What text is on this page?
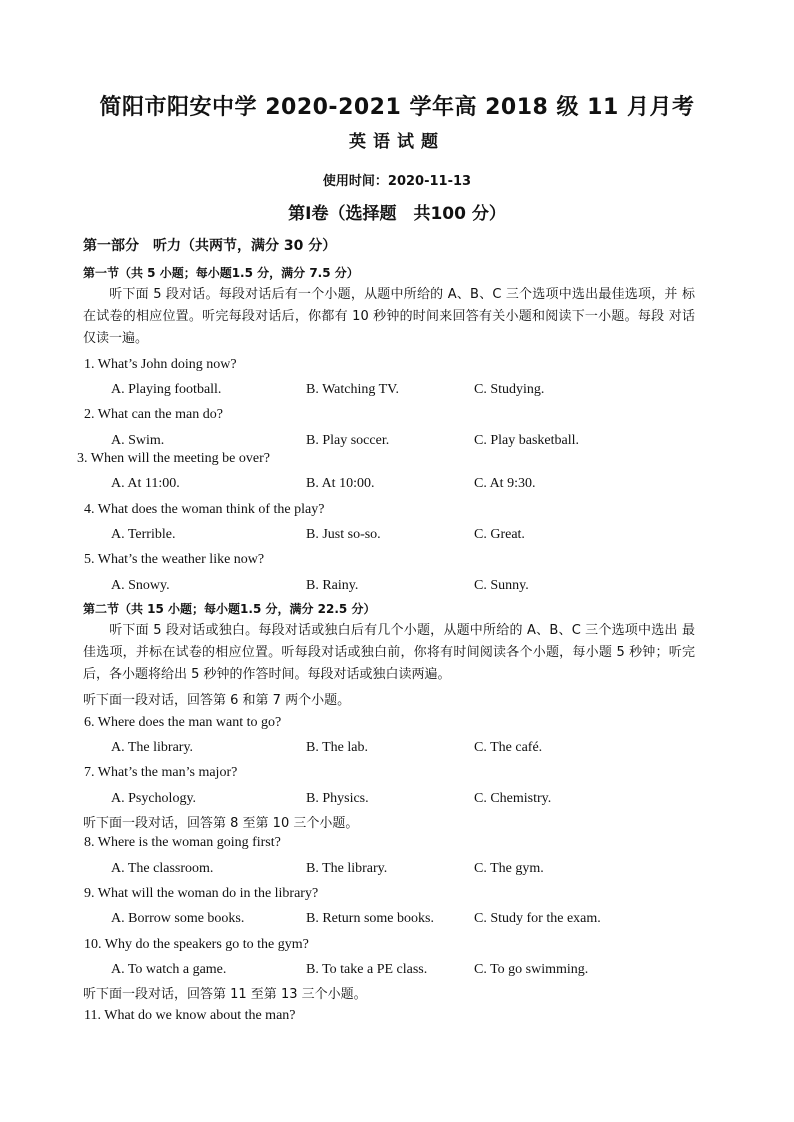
简阳市阳安中学 2020-2021 学年高 2018 级 11 月月考
英语试题
使用时间：2020-11-13
第Ⅰ卷（选择题　共100 分）
第一部分　听力（共两节，满分 30 分）
第一节（共 5 小题；每小题1.5 分，满分 7.5 分）
听下面 5 段对话。每段对话后有一个小题，从题中所给的 A、B、C 三个选项中选出最佳选项，并 标在试卷的相应位置。听完每段对话后，你都有 10 秒钟的时间来回答有关小题和阅读下一小题。每段 对话仅读一遍。
1. What’s John doing now?
A. Playing football.	B. Watching TV.	C. Studying.
2. What can the man do?
A. Swim.	B. Play soccer.	C. Play basketball.
3. When will the meeting be over?
A. At 11:00.	B. At 10:00.	C. At 9:30.
4. What does the woman think of the play?
A. Terrible.	B. Just so-so.	C. Great.
5. What’s the weather like now?
A. Snowy.	B. Rainy.	C. Sunny.
第二节（共 15 小题；每小题1.5 分，满分 22.5 分）
听下面 5 段对话或独白。每段对话或独白后有几个小题，从题中所给的 A、B、C 三个选项中选出 最佳选项，并标在试卷的相应位置。听每段对话或独白前，你将有时间阅读各个小题，每小题 5 秒钟；听完后，各小题将给出 5 秒钟的作答时间。每段对话或独白读两遍。
听下面一段对话，回答第 6 和第 7 两个小题。
6. Where does the man want to go?
A. The library.	B. The lab.	C. The café.
7. What’s the man’s major?
A. Psychology.	B. Physics.	C. Chemistry.
听下面一段对话，回答第 8 至第 10 三个小题。
8. Where is the woman going first?
A. The classroom.	B. The library.	C. The gym.
9. What will the woman do in the library?
A. Borrow some books.	B. Return some books.	C. Study for the exam.
10. Why do the speakers go to the gym?
A. To watch a game.	B. To take a PE class.	C. To go swimming.
听下面一段对话，回答第 11 至第 13 三个小题。
11. What do we know about the man?
